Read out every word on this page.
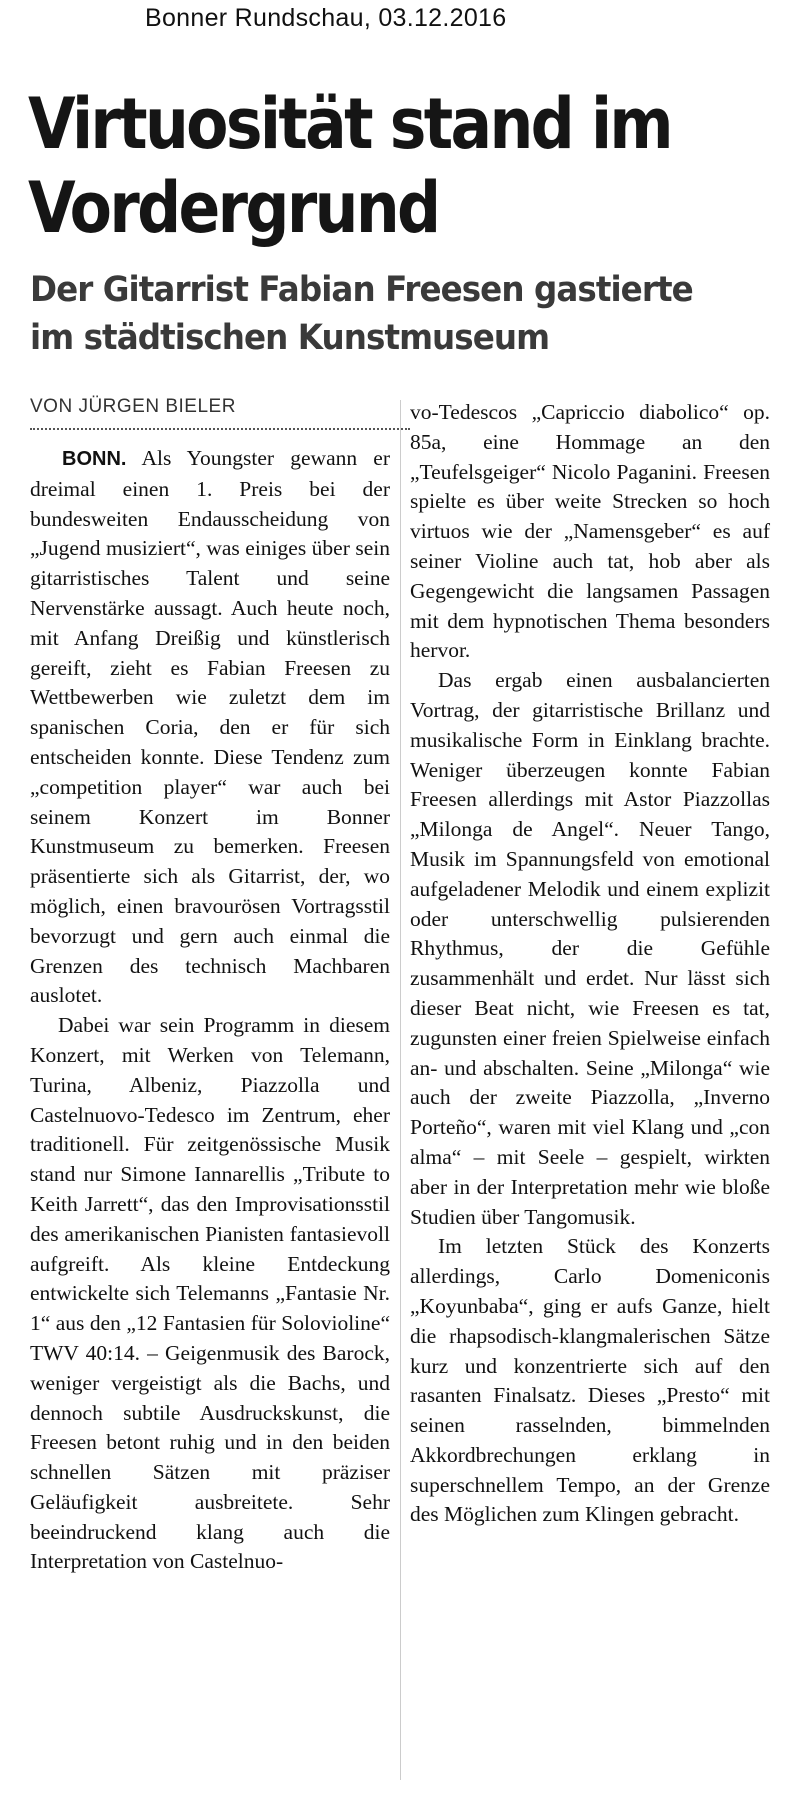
Bonner Rundschau, 03.12.2016
Virtuosität stand im Vordergrund
Der Gitarrist Fabian Freesen gastierte im städtischen Kunstmuseum
VON JÜRGEN BIELER

BONN. Als Youngster gewann er dreimal einen 1. Preis bei der bundesweiten Endausscheidung von „Jugend musiziert“, was einiges über sein gitarristisches Talent und seine Nervenstärke aussagt. Auch heute noch, mit Anfang Dreißig und künstlerisch gereift, zieht es Fabian Freesen zu Wettbewerben wie zuletzt dem im spanischen Coria, den er für sich entscheiden konnte. Diese Tendenz zum „competition player“ war auch bei seinem Konzert im Bonner Kunstmuseum zu bemerken. Freesen präsentierte sich als Gitarrist, der, wo möglich, einen bravourösen Vortragsstil bevorzugt und gern auch einmal die Grenzen des technisch Machbaren auslotet.

Dabei war sein Programm in diesem Konzert, mit Werken von Telemann, Turina, Albeniz, Piazzolla und Castelnuovo-Tedesco im Zentrum, eher traditionell. Für zeitgenössische Musik stand nur Simone Iannarellis „Tribute to Keith Jarrett“, das den Improvisationsstil des amerikanischen Pianisten fantasievoll aufgreift. Als kleine Entdeckung entwickelte sich Telemanns „Fantasie Nr. 1“ aus den „12 Fantasien für Solovioline“ TWV 40:14. – Geigenmusik des Barock, weniger vergeistigt als die Bachs, und dennoch subtile Ausdruckskunst, die Freesen betont ruhig und in den beiden schnellen Sätzen mit präziser Geläufigkeit ausbreitete. Sehr beeindruckend klang auch die Interpretation von Castelnuo-

vo-Tedescos „Capriccio diabolico“ op. 85a, eine Hommage an den „Teufelsgeiger“ Nicolo Paganini. Freesen spielte es über weite Strecken so hoch virtuos wie der „Namensgeber“ es auf seiner Violine auch tat, hob aber als Gegengewicht die langsamen Passagen mit dem hypnotischen Thema besonders hervor.

Das ergab einen ausbalancierten Vortrag, der gitarristische Brillanz und musikalische Form in Einklang brachte. Weniger überzeugen konnte Fabian Freesen allerdings mit Astor Piazzollas „Milonga de Angel“. Neuer Tango, Musik im Spannungsfeld von emotional aufgeladener Melodik und einem explizit oder unterschwellig pulsierenden Rhythmus, der die Gefühle zusammenhält und erdet. Nur lässt sich dieser Beat nicht, wie Freesen es tat, zugunsten einer freien Spielweise einfach an- und abschalten. Seine „Milonga“ wie auch der zweite Piazzolla, „Inverno Porteño“, waren mit viel Klang und „con alma“ – mit Seele – gespielt, wirkten aber in der Interpretation mehr wie bloße Studien über Tangomusik.

Im letzten Stück des Konzerts allerdings, Carlo Domeniconis „Koyunbaba“, ging er aufs Ganze, hielt die rhapsodisch-klangmalerischen Sätze kurz und konzentrierte sich auf den rasanten Finalsatz. Dieses „Presto“ mit seinen rasselnden, bimmelnden Akkordbrechungen erklang in superschnellem Tempo, an der Grenze des Möglichen zum Klingen gebracht.
